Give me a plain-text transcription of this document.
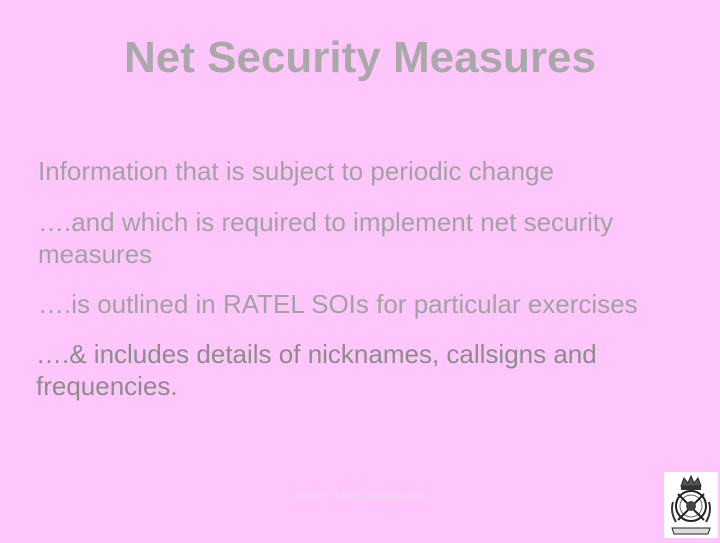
Net Security Measures

Information that is subject to periodic change

….and which is required to implement net security measures

….is outlined in RATEL SOIs for particular exercises

….& includes details of nicknames, callsigns and frequencies.

© RTCIDL IS R Newman Martin 2012
